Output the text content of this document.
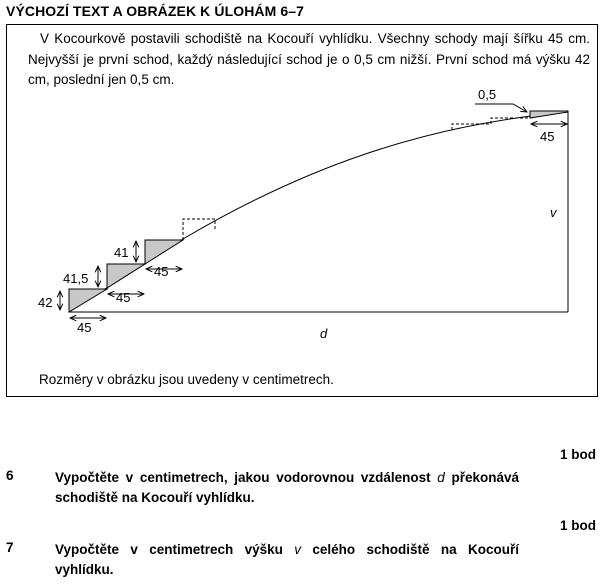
VÝCHOZÍ TEXT A OBRÁZEK K ÚLOHÁM 6–7
V Kocourkově postavili schodiště na Kocouří vyhlídku. Všechny schody mají šířku 45 cm. Nejvyšší je první schod, každý následující schod je o 0,5 cm nižší. První schod má výšku 42 cm, poslední jen 0,5 cm.
42
41,5
41
45
45
45
45
0,5
v
d
Rozměry v obrázku jsou uvedeny v centimetrech.
1 bod
6	Vypočtěte v centimetrech, jakou vodorovnou vzdálenost d překonává schodiště na Kocouří vyhlídku.
1 bod
7	Vypočtěte v centimetrech výšku v celého schodiště na Kocouří vyhlídku.
